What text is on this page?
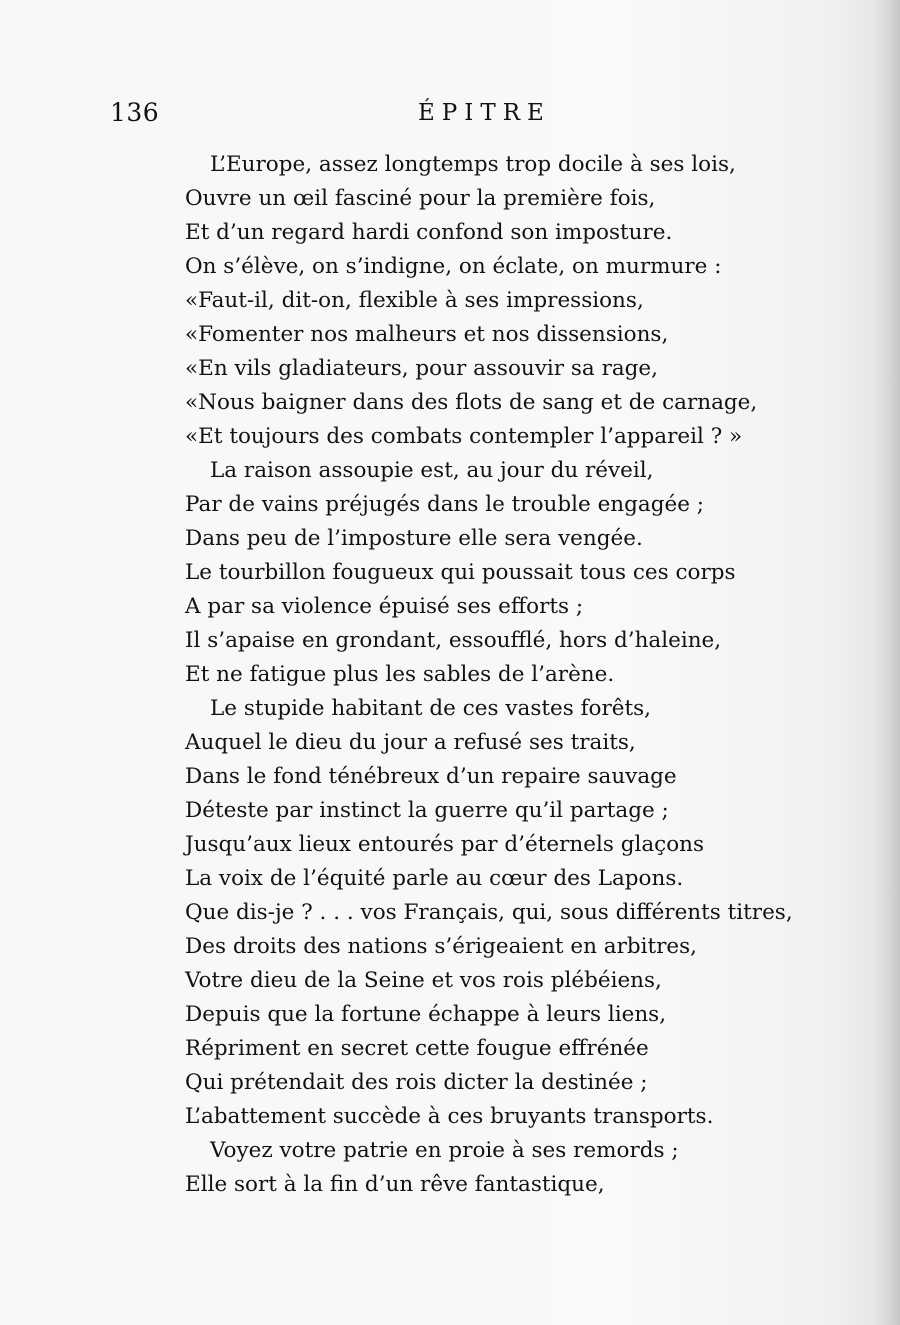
136	ÉPITRE
L’Europe, assez longtemps trop docile à ses lois,
Ouvre un œil fasciné pour la première fois,
Et d’un regard hardi confond son imposture.
On s’élève, on s’indigne, on éclate, on murmure :
«Faut-il, dit-on, flexible à ses impressions,
«Fomenter nos malheurs et nos dissensions,
«En vils gladiateurs, pour assouvir sa rage,
«Nous baigner dans des flots de sang et de carnage,
«Et toujours des combats contempler l’appareil ? »
La raison assoupie est, au jour du réveil,
Par de vains préjugés dans le trouble engagée ;
Dans peu de l’imposture elle sera vengée.
Le tourbillon fougueux qui poussait tous ces corps
A par sa violence épuisé ses efforts ;
Il s’apaise en grondant, essoufflé, hors d’haleine,
Et ne fatigue plus les sables de l’arène.
Le stupide habitant de ces vastes forêts,
Auquel le dieu du jour a refusé ses traits,
Dans le fond ténébreux d’un repaire sauvage
Déteste par instinct la guerre qu’il partage ;
Jusqu’aux lieux entourés par d’éternels glaçons
La voix de l’équité parle au cœur des Lapons.
Que dis-je ? . . . vos Français, qui, sous différents titres,
Des droits des nations s’érigeaient en arbitres,
Votre dieu de la Seine et vos rois plébéiens,
Depuis que la fortune échappe à leurs liens,
Répriment en secret cette fougue effrénée
Qui prétendait des rois dicter la destinée ;
L’abattement succède à ces bruyants transports.
Voyez votre patrie en proie à ses remords ;
Elle sort à la fin d’un rêve fantastique,
